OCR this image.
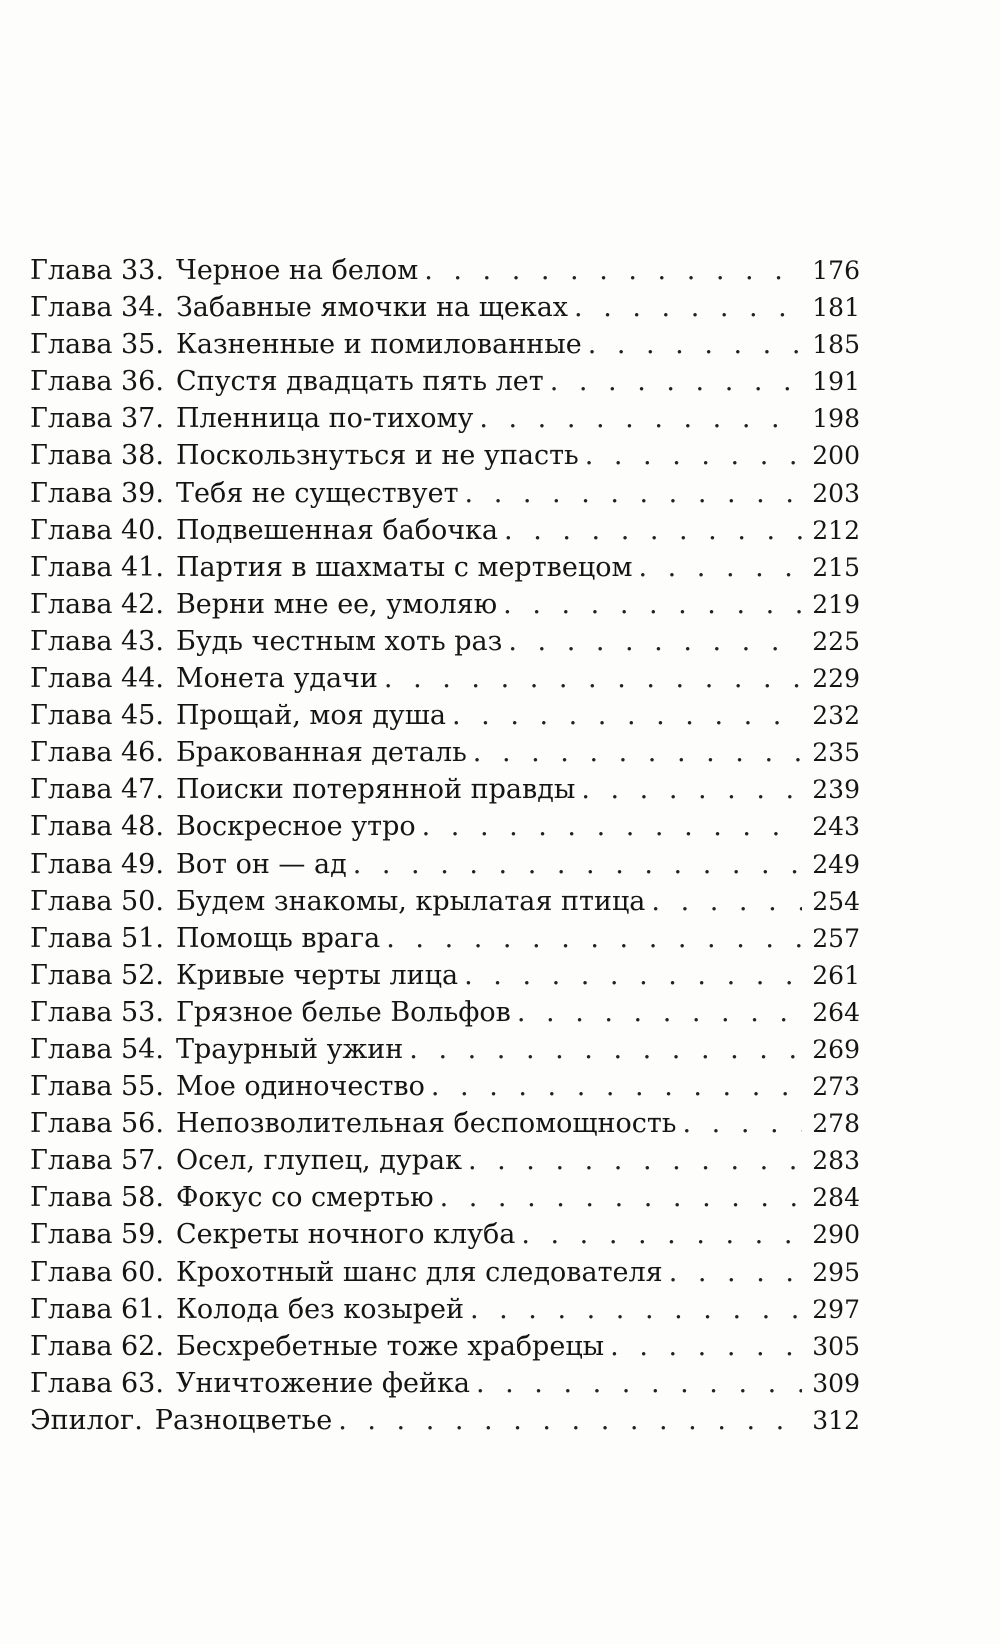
Глава 33. Черное на белом . . .	176
Глава 34. Забавные ямочки на щеках . . .	181
Глава 35. Казненные и помилованные . . .	185
Глава 36. Спустя двадцать пять лет . . .	191
Глава 37. Пленница по-тихому . . .	198
Глава 38. Поскользнуться и не упасть . . .	200
Глава 39. Тебя не существует . . .	203
Глава 40. Подвешенная бабочка . . .	212
Глава 41. Партия в шахматы с мертвецом . . .	215
Глава 42. Верни мне ее, умоляю . . .	219
Глава 43. Будь честным хоть раз . . .	225
Глава 44. Монета удачи . . .	229
Глава 45. Прощай, моя душа . . .	232
Глава 46. Бракованная деталь . . .	235
Глава 47. Поиски потерянной правды . . .	239
Глава 48. Воскресное утро . . .	243
Глава 49. Вот он — ад . . .	249
Глава 50. Будем знакомы, крылатая птица . . .	254
Глава 51. Помощь врага . . .	257
Глава 52. Кривые черты лица . . .	261
Глава 53. Грязное белье Вольфов . . .	264
Глава 54. Траурный ужин . . .	269
Глава 55. Мое одиночество . . .	273
Глава 56. Непозволительная беспомощность . . .	278
Глава 57. Осел, глупец, дурак . . .	283
Глава 58. Фокус со смертью . . .	284
Глава 59. Секреты ночного клуба . . .	290
Глава 60. Крохотный шанс для следователя . . .	295
Глава 61. Колода без козырей . . .	297
Глава 62. Бесхребетные тоже храбрецы . . .	305
Глава 63. Уничтожение фейка . . .	309
Эпилог. Разноцветье . . .	312
